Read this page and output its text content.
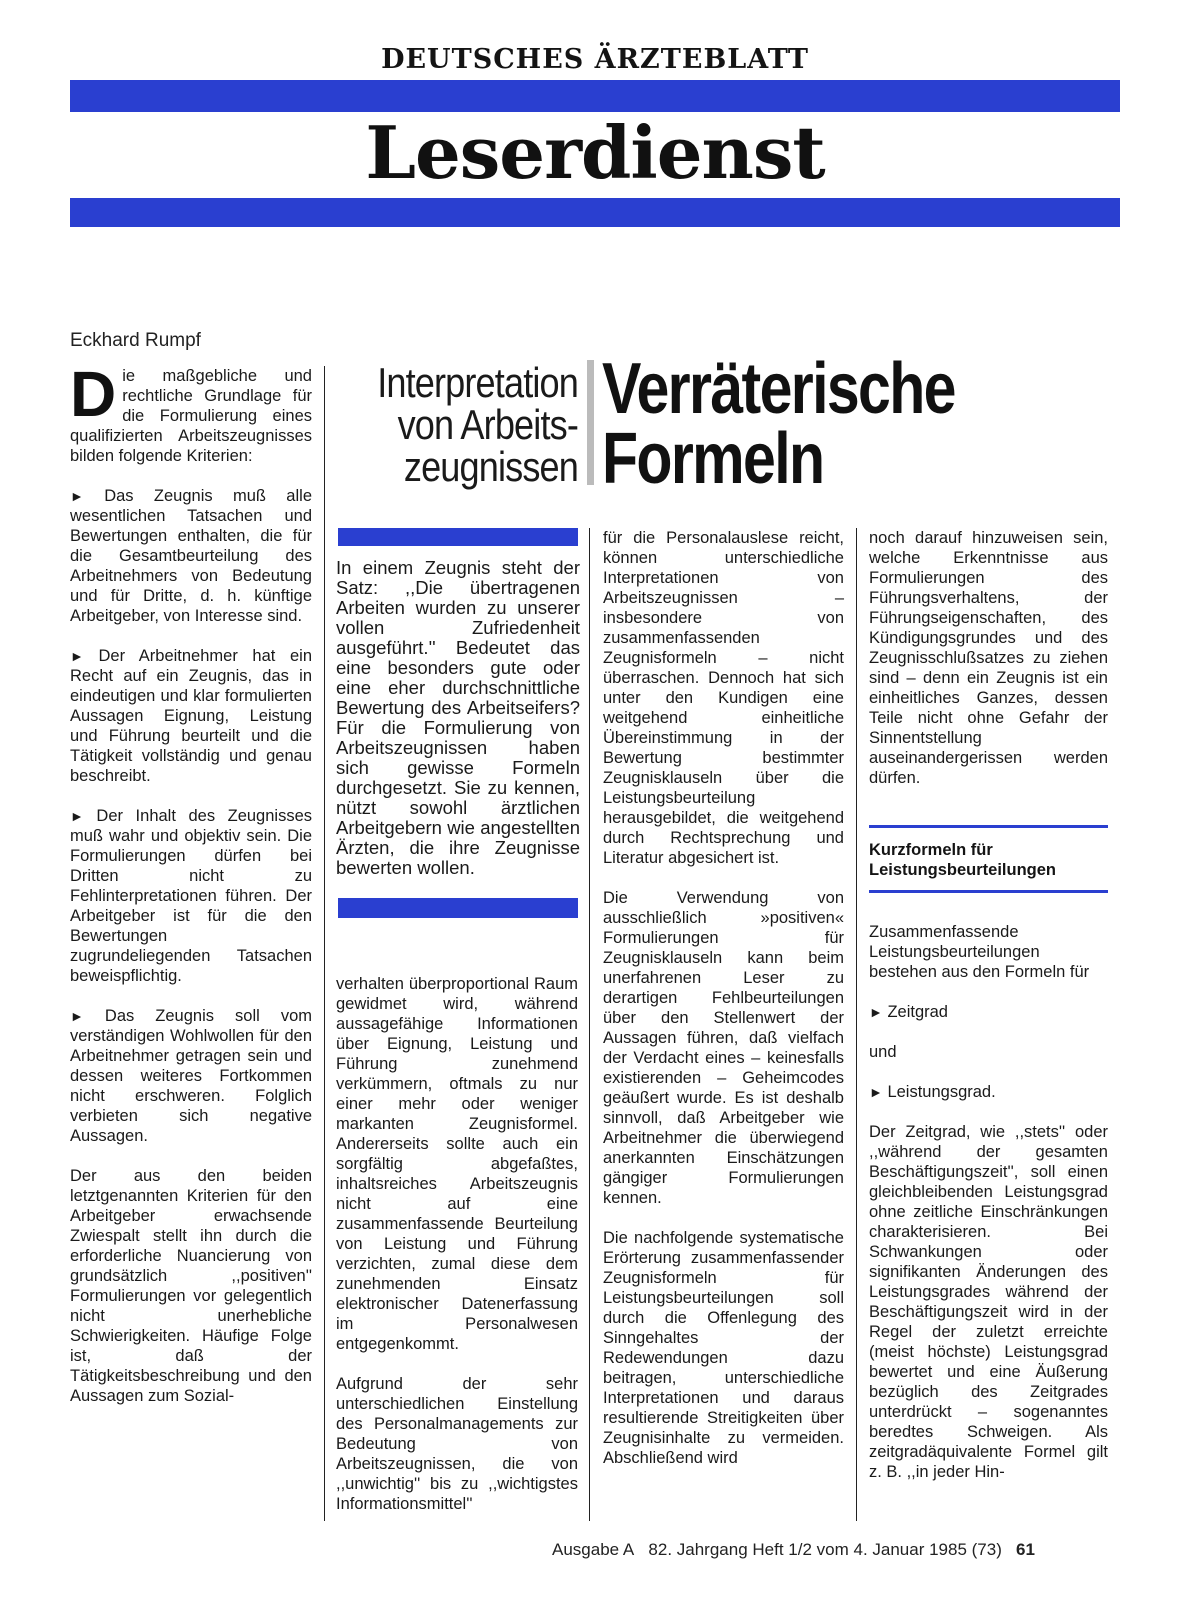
DEUTSCHES ÄRZTEBLATT
Leserdienst
Eckhard Rumpf
Interpretation
von Arbeits-
zeugnissen
Verräterische
Formeln

Die maßgebliche und rechtliche Grundlage für die Formulierung eines qualifizierten Arbeitszeugnisses bilden folgende Kriterien:

► Das Zeugnis muß alle wesentlichen Tatsachen und Bewertungen enthalten, die für die Gesamtbeurteilung des Arbeitnehmers von Bedeutung und für Dritte, d. h. künftige Arbeitgeber, von Interesse sind.

► Der Arbeitnehmer hat ein Recht auf ein Zeugnis, das in eindeutigen und klar formulierten Aussagen Eignung, Leistung und Führung beurteilt und die Tätigkeit vollständig und genau beschreibt.

► Der Inhalt des Zeugnisses muß wahr und objektiv sein. Die Formulierungen dürfen bei Dritten nicht zu Fehlinterpretationen führen. Der Arbeitgeber ist für die den Bewertungen zugrundeliegenden Tatsachen beweispflichtig.

► Das Zeugnis soll vom verständigen Wohlwollen für den Arbeitnehmer getragen sein und dessen weiteres Fortkommen nicht erschweren. Folglich verbieten sich negative Aussagen.

Der aus den beiden letztgenannten Kriterien für den Arbeitgeber erwachsende Zwiespalt stellt ihn durch die erforderliche Nuancierung von grundsätzlich ,,positiven'' Formulierungen vor gelegentlich nicht unerhebliche Schwierigkeiten. Häufige Folge ist, daß der Tätigkeitsbeschreibung und den Aussagen zum Sozial-

In einem Zeugnis steht der Satz: ,,Die übertragenen Arbeiten wurden zu unserer vollen Zufriedenheit ausgeführt.'' Bedeutet das eine besonders gute oder eine eher durchschnittliche Bewertung des Arbeitseifers? Für die Formulierung von Arbeitszeugnissen haben sich gewisse Formeln durchgesetzt. Sie zu kennen, nützt sowohl ärztlichen Arbeitgebern wie angestellten Ärzten, die ihre Zeugnisse bewerten wollen.

verhalten überproportional Raum gewidmet wird, während aussagefähige Informationen über Eignung, Leistung und Führung zunehmend verkümmern, oftmals zu nur einer mehr oder weniger markanten Zeugnisformel. Andererseits sollte auch ein sorgfältig abgefaßtes, inhaltsreiches Arbeitszeugnis nicht auf eine zusammenfassende Beurteilung von Leistung und Führung verzichten, zumal diese dem zunehmenden Einsatz elektronischer Datenerfassung im Personalwesen entgegenkommt.

Aufgrund der sehr unterschiedlichen Einstellung des Personalmanagements zur Bedeutung von Arbeitszeugnissen, die von ,,unwichtig'' bis zu ,,wichtigstes Informationsmittel''

für die Personalauslese reicht, können unterschiedliche Interpretationen von Arbeitszeugnissen – insbesondere von zusammenfassenden Zeugnisformeln – nicht überraschen. Dennoch hat sich unter den Kundigen eine weitgehend einheitliche Übereinstimmung in der Bewertung bestimmter Zeugnisklauseln über die Leistungsbeurteilung herausgebildet, die weitgehend durch Rechtsprechung und Literatur abgesichert ist.

Die Verwendung von ausschließlich »positiven« Formulierungen für Zeugnisklauseln kann beim unerfahrenen Leser zu derartigen Fehlbeurteilungen über den Stellenwert der Aussagen führen, daß vielfach der Verdacht eines – keinesfalls existierenden – Geheimcodes geäußert wurde. Es ist deshalb sinnvoll, daß Arbeitgeber wie Arbeitnehmer die überwiegend anerkannten Einschätzungen gängiger Formulierungen kennen.

Die nachfolgende systematische Erörterung zusammenfassender Zeugnisformeln für Leistungsbeurteilungen soll durch die Offenlegung des Sinngehaltes der Redewendungen dazu beitragen, unterschiedliche Interpretationen und daraus resultierende Streitigkeiten über Zeugnisinhalte zu vermeiden. Abschließend wird

noch darauf hinzuweisen sein, welche Erkenntnisse aus Formulierungen des Führungsverhaltens, der Führungseigenschaften, des Kündigungsgrundes und des Zeugnisschlußsatzes zu ziehen sind – denn ein Zeugnis ist ein einheitliches Ganzes, dessen Teile nicht ohne Gefahr der Sinnentstellung auseinandergerissen werden dürfen.

Kurzformeln für Leistungsbeurteilungen

Zusammenfassende Leistungsbeurteilungen bestehen aus den Formeln für

► Zeitgrad

und

► Leistungsgrad.

Der Zeitgrad, wie ,,stets'' oder ,,während der gesamten Beschäftigungszeit'', soll einen gleichbleibenden Leistungsgrad ohne zeitliche Einschränkungen charakterisieren. Bei Schwankungen oder signifikanten Änderungen des Leistungsgrades während der Beschäftigungszeit wird in der Regel der zuletzt erreichte (meist höchste) Leistungsgrad bewertet und eine Äußerung bezüglich des Zeitgrades unterdrückt – sogenanntes beredtes Schweigen. Als zeitgradäquivalente Formel gilt z. B. ,,in jeder Hin-

Ausgabe A 82. Jahrgang Heft 1/2 vom 4. Januar 1985 (73) 61
